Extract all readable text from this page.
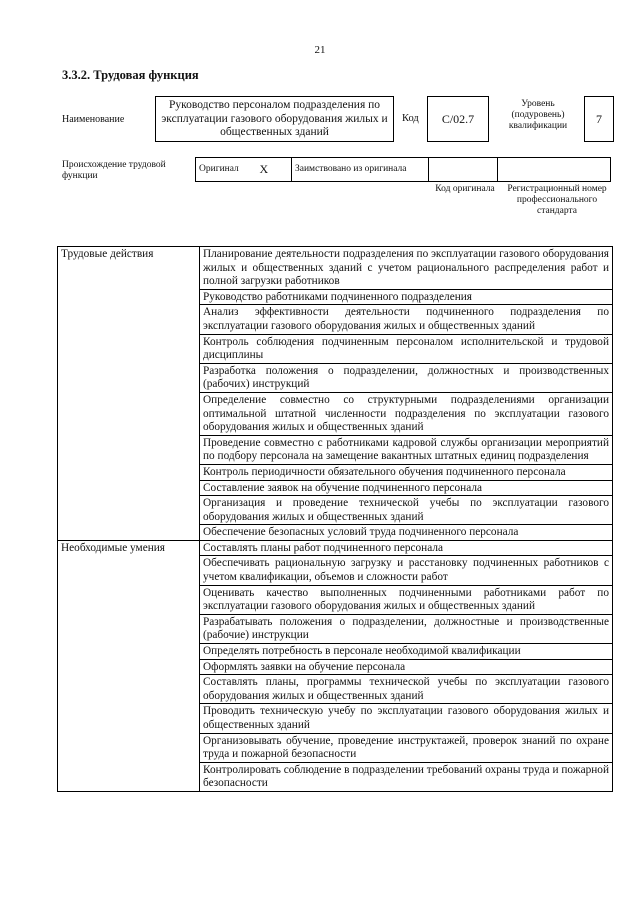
21
3.3.2. Трудовая функция
Наименование
Руководство персоналом подразделения по эксплуатации газового оборудования жилых и общественных зданий
Код С/02.7
Уровень (подуровень) квалификации
7
Происхождение трудовой функции
Оригинал	Х	Заимствовано из оригинала		
Код оригинала	Регистрационный номер профессионального стандарта
Трудовые действия	Планирование деятельности подразделения по эксплуатации газового оборудования жилых и общественных зданий с учетом рационального распределения работ и полной загрузки работников
	Руководство работниками подчиненного подразделения
	Анализ эффективности деятельности подчиненного подразделения по эксплуатации газового оборудования жилых и общественных зданий
	Контроль соблюдения подчиненным персоналом исполнительской и трудовой дисциплины
	Разработка положения о подразделении, должностных и производственных (рабочих) инструкций
	Определение совместно со структурными подразделениями организации оптимальной штатной численности подразделения по эксплуатации газового оборудования жилых и общественных зданий
	Проведение совместно с работниками кадровой службы организации мероприятий по подбору персонала на замещение вакантных штатных единиц подразделения
	Контроль периодичности обязательного обучения подчиненного персонала
	Составление заявок на обучение подчиненного персонала
	Организация и проведение технической учебы по эксплуатации газового оборудования жилых и общественных зданий
	Обеспечение безопасных условий труда подчиненного персонала
Необходимые умения	Составлять планы работ подчиненного персонала
	Обеспечивать рациональную загрузку и расстановку подчиненных работников с учетом квалификации, объемов и сложности работ
	Оценивать качество выполненных подчиненными работниками работ по эксплуатации газового оборудования жилых и общественных зданий
	Разрабатывать положения о подразделении, должностные и производственные (рабочие) инструкции
	Определять потребность в персонале необходимой квалификации
	Оформлять заявки на обучение персонала
	Составлять планы, программы технической учебы по эксплуатации газового оборудования жилых и общественных зданий
	Проводить техническую учебу по эксплуатации газового оборудования жилых и общественных зданий
	Организовывать обучение, проведение инструктажей, проверок знаний по охране труда и пожарной безопасности
	Контролировать соблюдение в подразделении требований охраны труда и пожарной безопасности
